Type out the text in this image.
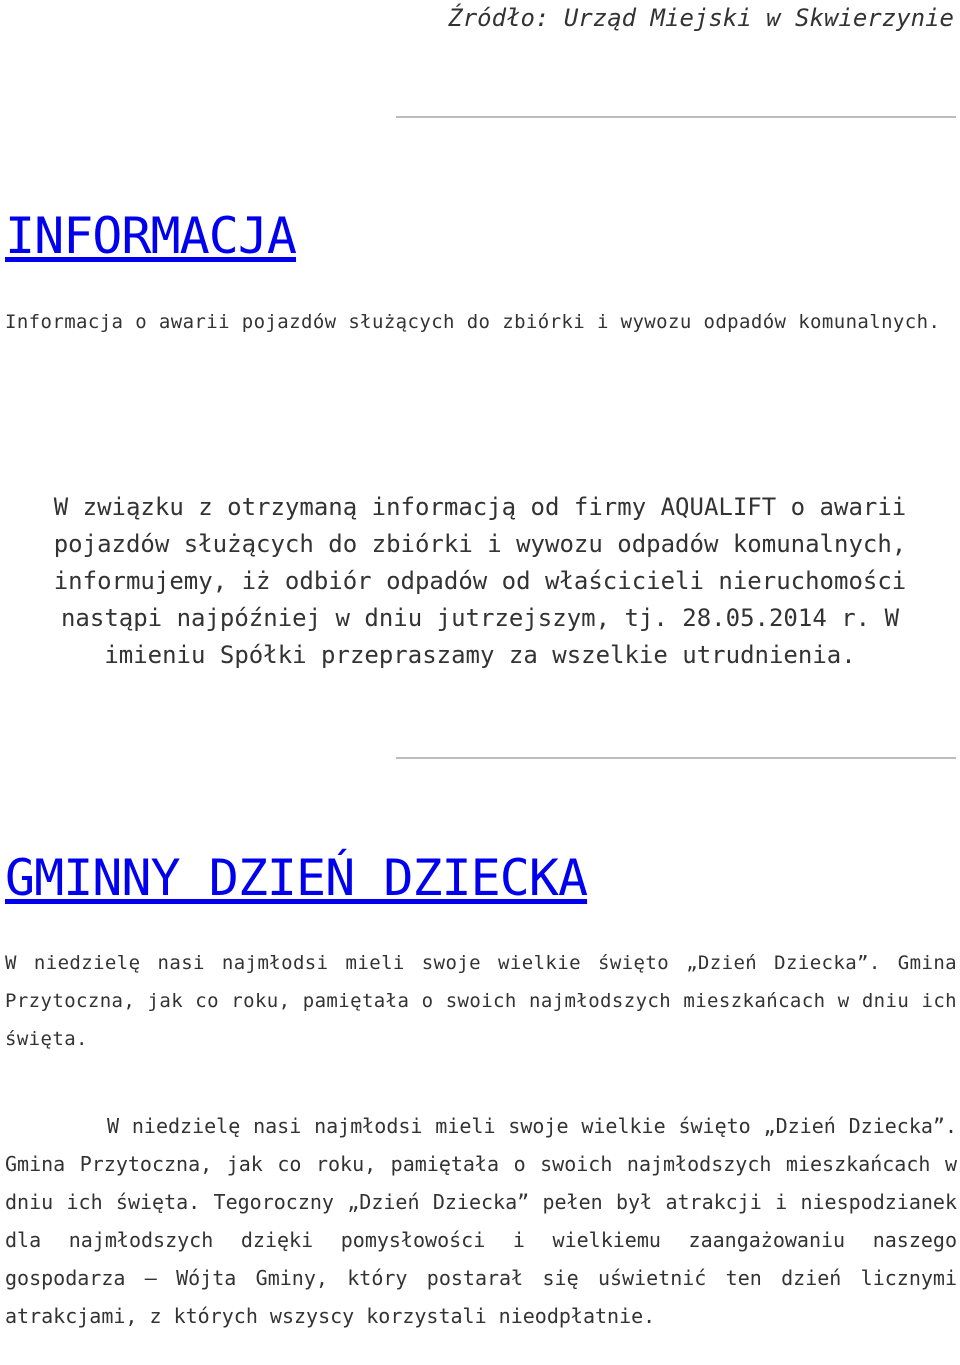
Źródło: Urząd Miejski w Skwierzynie
INFORMACJA
Informacja o awarii pojazdów służących do zbiórki i wywozu odpadów komunalnych.
W związku z otrzymaną informacją od firmy AQUALIFT o awarii pojazdów służących do zbiórki i wywozu odpadów komunalnych, informujemy, iż odbiór odpadów od właścicieli nieruchomości nastąpi najpóźniej w dniu jutrzejszym, tj. 28.05.2014 r. W imieniu Spółki przepraszamy za wszelkie utrudnienia.
GMINNY DZIEŃ DZIECKA
W niedzielę nasi najmłodsi mieli swoje wielkie święto „Dzień Dziecka”. Gmina Przytoczna, jak co roku, pamiętała o swoich najmłodszych mieszkańcach w dniu ich święta.
W niedzielę nasi najmłodsi mieli swoje wielkie święto „Dzień Dziecka”. Gmina Przytoczna, jak co roku, pamiętała o swoich najmłodszych mieszkańcach w dniu ich święta. Tegoroczny „Dzień Dziecka” pełen był atrakcji i niespodzianek dla najmłodszych dzięki pomysłowości i wielkiemu zaangażowaniu naszego gospodarza – Wójta Gminy, który postarał się uświetnić ten dzień licznymi atrakcjami, z których wszyscy korzystali nieodpłatnie.
